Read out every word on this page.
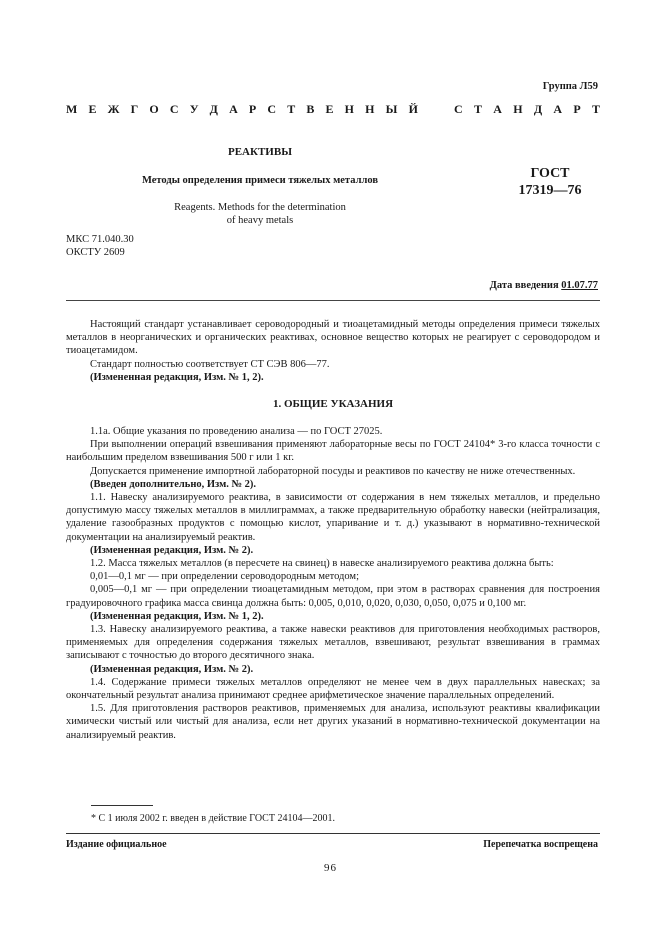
Группа Л59
М Е Ж Г О С У Д А Р С Т В Е Н Н Ы Й	С Т А Н Д А Р Т
РЕАКТИВЫ
Методы определения примеси тяжелых металлов	ГОСТ
17319—76
Reagents. Methods for the determination
of heavy metals
МКС 71.040.30
ОКСТУ 2609
Дата введения 01.07.77

Настоящий стандарт устанавливает сероводородный и тиоацетамидный методы определения примеси тяжелых металлов в неорганических и органических реактивах, основное вещество которых не реагирует с сероводородом и тиоацетамидом.

Стандарт полностью соответствует СТ СЭВ 806—77.

(Измененная редакция, Изм. № 1, 2).

1. ОБЩИЕ УКАЗАНИЯ

1.1а. Общие указания по проведению анализа — по ГОСТ 27025.

При выполнении операций взвешивания применяют лабораторные весы по ГОСТ 24104* 3-го класса точности с наибольшим пределом взвешивания 500 г или 1 кг.

Допускается применение импортной лабораторной посуды и реактивов по качеству не ниже отечественных.

(Введен дополнительно, Изм. № 2).

1.1. Навеску анализируемого реактива, в зависимости от содержания в нем тяжелых металлов, и предельно допустимую массу тяжелых металлов в миллиграммах, а также предварительную обработку навески (нейтрализация, удаление газообразных продуктов с помощью кислот, упаривание и т. д.) указывают в нормативно-технической документации на анализируемый реактив.

(Измененная редакция, Изм. № 2).

1.2. Масса тяжелых металлов (в пересчете на свинец) в навеске анализируемого реактива должна быть:

0,01—0,1 мг — при определении сероводородным методом;

0,005—0,1 мг — при определении тиоацетамидным методом, при этом в растворах сравнения для построения градуировочного графика масса свинца должна быть: 0,005, 0,010, 0,020, 0,030, 0,050, 0,075 и 0,100 мг.

(Измененная редакция, Изм. № 1, 2).

1.3. Навеску анализируемого реактива, а также навески реактивов для приготовления необходимых растворов, применяемых для определения содержания тяжелых металлов, взвешивают, результат взвешивания в граммах записывают с точностью до второго десятичного знака.

(Измененная редакция, Изм. № 2).

1.4. Содержание примеси тяжелых металлов определяют не менее чем в двух параллельных навесках; за окончательный результат анализа принимают среднее арифметическое значение параллельных определений.

1.5. Для приготовления растворов реактивов, применяемых для анализа, используют реактивы квалификации химически чистый или чистый для анализа, если нет других указаний в нормативно-технической документации на анализируемый реактив.

* С 1 июля 2002 г. введен в действие ГОСТ 24104—2001.
Издание официальное	Перепечатка воспрещена
96
